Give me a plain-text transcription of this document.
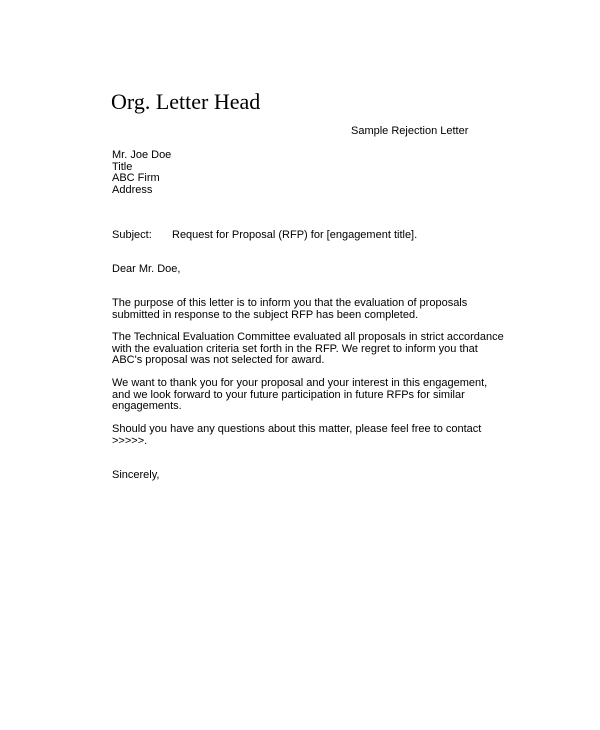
Org. Letter Head
Sample Rejection Letter
Mr. Joe Doe
Title
ABC Firm
Address
Subject: Request for Proposal (RFP) for [engagement title].
Dear Mr. Doe,
The purpose of this letter is to inform you that the evaluation of proposals
submitted in response to the subject RFP has been completed.
The Technical Evaluation Committee evaluated all proposals in strict accordance
with the evaluation criteria set forth in the RFP. We regret to inform you that
ABC's proposal was not selected for award.
We want to thank you for your proposal and your interest in this engagement,
and we look forward to your future participation in future RFPs for similar
engagements.
Should you have any questions about this matter, please feel free to contact
>>>>>.
Sincerely,
